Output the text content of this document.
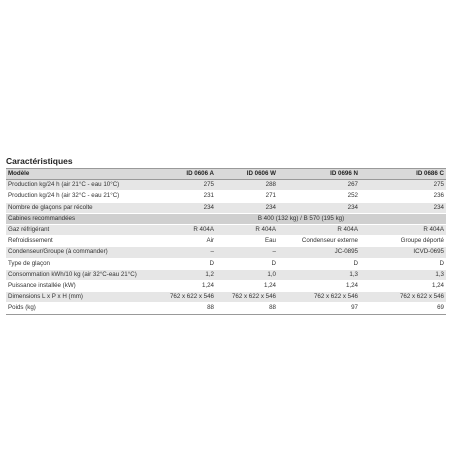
Caractéristiques
Modèle	ID 0606 A	ID 0606 W	ID 0696 N	ID 0686 C
Production kg/24 h (air 21°C - eau 10°C)	275	288	267	275
Production kg/24 h (air 32°C - eau 21°C)	231	271	252	236
Nombre de glaçons par récolte	234	234	234	234
Cabines recommandées	B 400 (132 kg) / B 570 (195 kg)			
Gaz réfrigérant	R 404A	R 404A	R 404A	R 404A
Refroidissement	Air	Eau	Condenseur externe	Groupe déporté
Condenseur/Groupe (à commander)	–	–	JC-0895	ICVD-0695
Type de glaçon	D	D	D	D
Consommation kWh/10 kg (air 32°C-eau 21°C)	1,2	1,0	1,3	1,3
Puissance installée (kW)	1,24	1,24	1,24	1,24
Dimensions L x P x H (mm)	762 x 622 x 546	762 x 622 x 546	762 x 622 x 546	762 x 622 x 546
Poids (kg)	88	88	97	69
